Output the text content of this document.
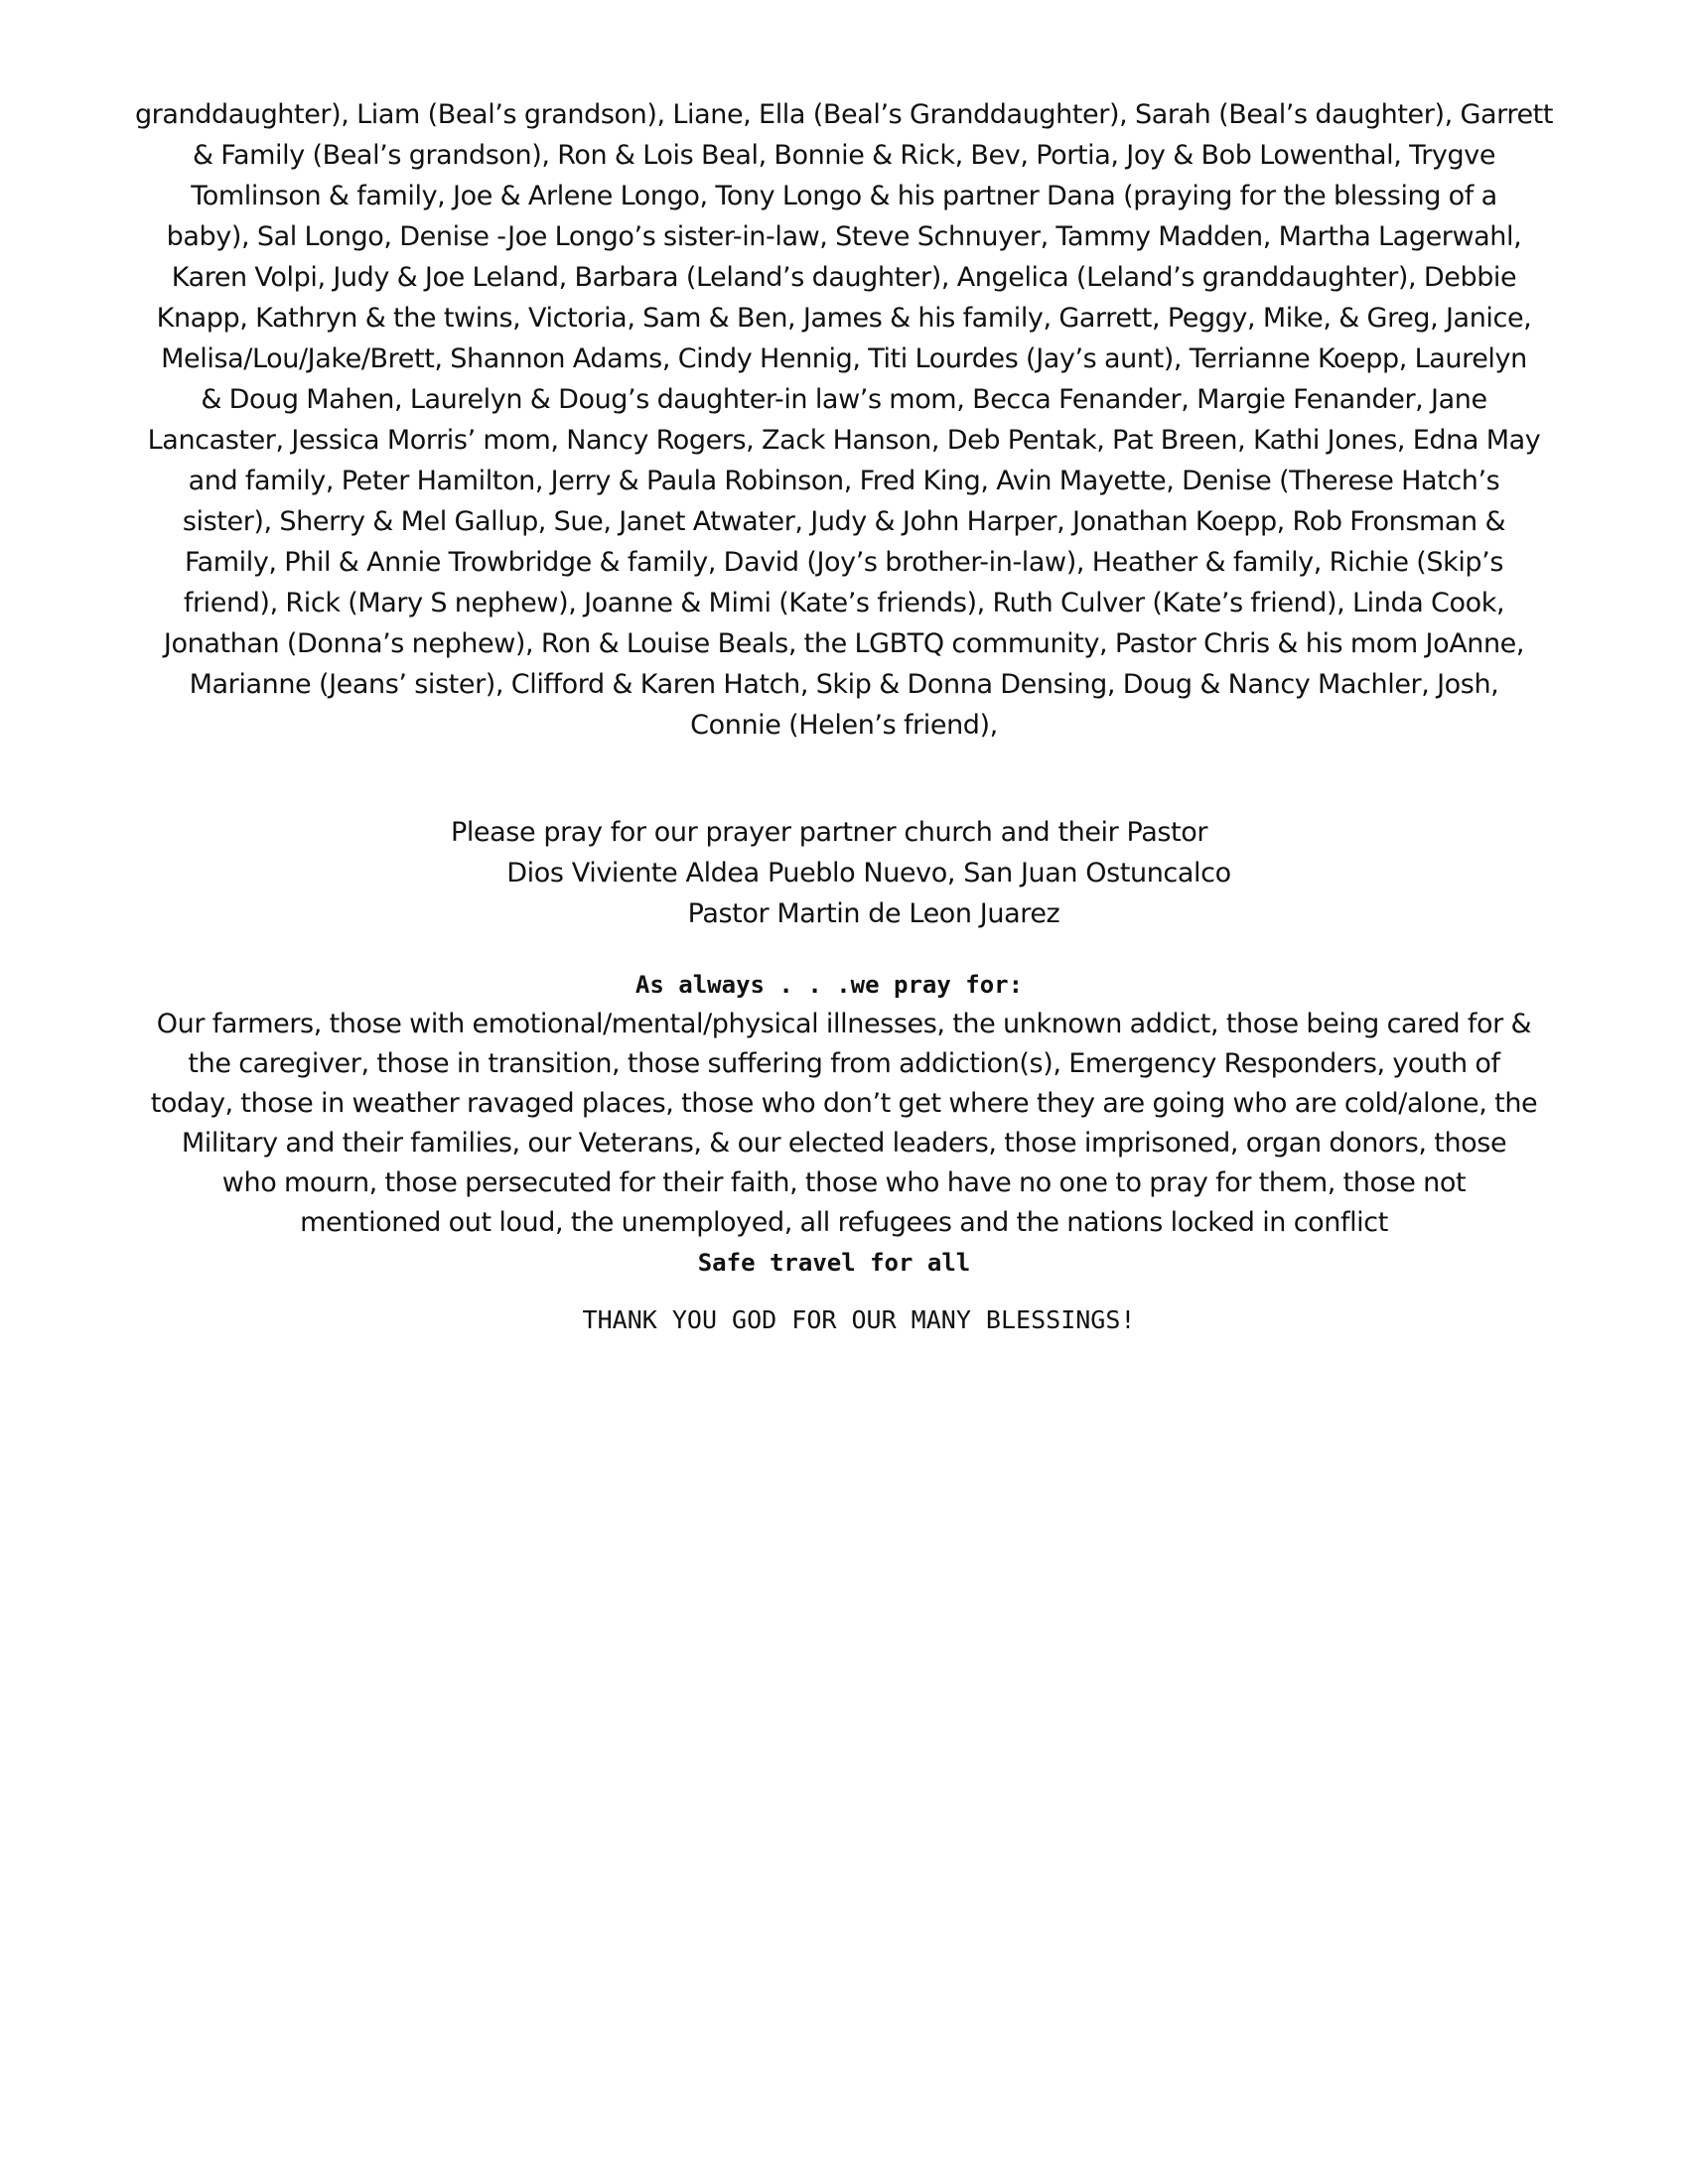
granddaughter), Liam (Beal’s grandson), Liane, Ella (Beal’s Granddaughter), Sarah (Beal’s daughter), Garrett
& Family (Beal’s grandson), Ron & Lois Beal, Bonnie & Rick, Bev, Portia, Joy & Bob Lowenthal, Trygve
Tomlinson & family, Joe & Arlene Longo, Tony Longo & his partner Dana (praying for the blessing of a
baby), Sal Longo, Denise -Joe Longo’s sister-in-law, Steve Schnuyer, Tammy Madden, Martha Lagerwahl,
Karen Volpi, Judy & Joe Leland, Barbara (Leland’s daughter), Angelica (Leland’s granddaughter), Debbie
Knapp, Kathryn & the twins, Victoria, Sam & Ben, James & his family, Garrett, Peggy, Mike, & Greg, Janice,
Melisa/Lou/Jake/Brett, Shannon Adams, Cindy Hennig, Titi Lourdes (Jay’s aunt), Terrianne Koepp, Laurelyn
& Doug Mahen, Laurelyn & Doug’s daughter-in law’s mom, Becca Fenander, Margie Fenander, Jane
Lancaster, Jessica Morris’ mom, Nancy Rogers, Zack Hanson, Deb Pentak, Pat Breen, Kathi Jones, Edna May
and family, Peter Hamilton, Jerry & Paula Robinson, Fred King, Avin Mayette, Denise (Therese Hatch’s
sister), Sherry & Mel Gallup, Sue, Janet Atwater, Judy & John Harper, Jonathan Koepp, Rob Fronsman &
Family, Phil & Annie Trowbridge & family, David (Joy’s brother-in-law), Heather & family, Richie (Skip’s
friend), Rick (Mary S nephew), Joanne & Mimi (Kate’s friends), Ruth Culver (Kate’s friend), Linda Cook,
Jonathan (Donna’s nephew), Ron & Louise Beals, the LGBTQ community, Pastor Chris & his mom JoAnne,
Marianne (Jeans’ sister), Clifford & Karen Hatch, Skip & Donna Densing, Doug & Nancy Machler, Josh,
Connie (Helen’s friend),

Please pray for our prayer partner church and their Pastor
Dios Viviente Aldea Pueblo Nuevo, San Juan Ostuncalco
Pastor Martin de Leon Juarez
As always . . .we pray for:

Our farmers, those with emotional/mental/physical illnesses, the unknown addict, those being cared for &
the caregiver, those in transition, those suffering from addiction(s), Emergency Responders, youth of
today, those in weather ravaged places, those who don’t get where they are going who are cold/alone, the
Military and their families, our Veterans, & our elected leaders, those imprisoned, organ donors, those
who mourn, those persecuted for their faith, those who have no one to pray for them, those not
mentioned out loud, the unemployed, all refugees and the nations locked in conflict

Safe travel for all
THANK YOU GOD FOR OUR MANY BLESSINGS!
